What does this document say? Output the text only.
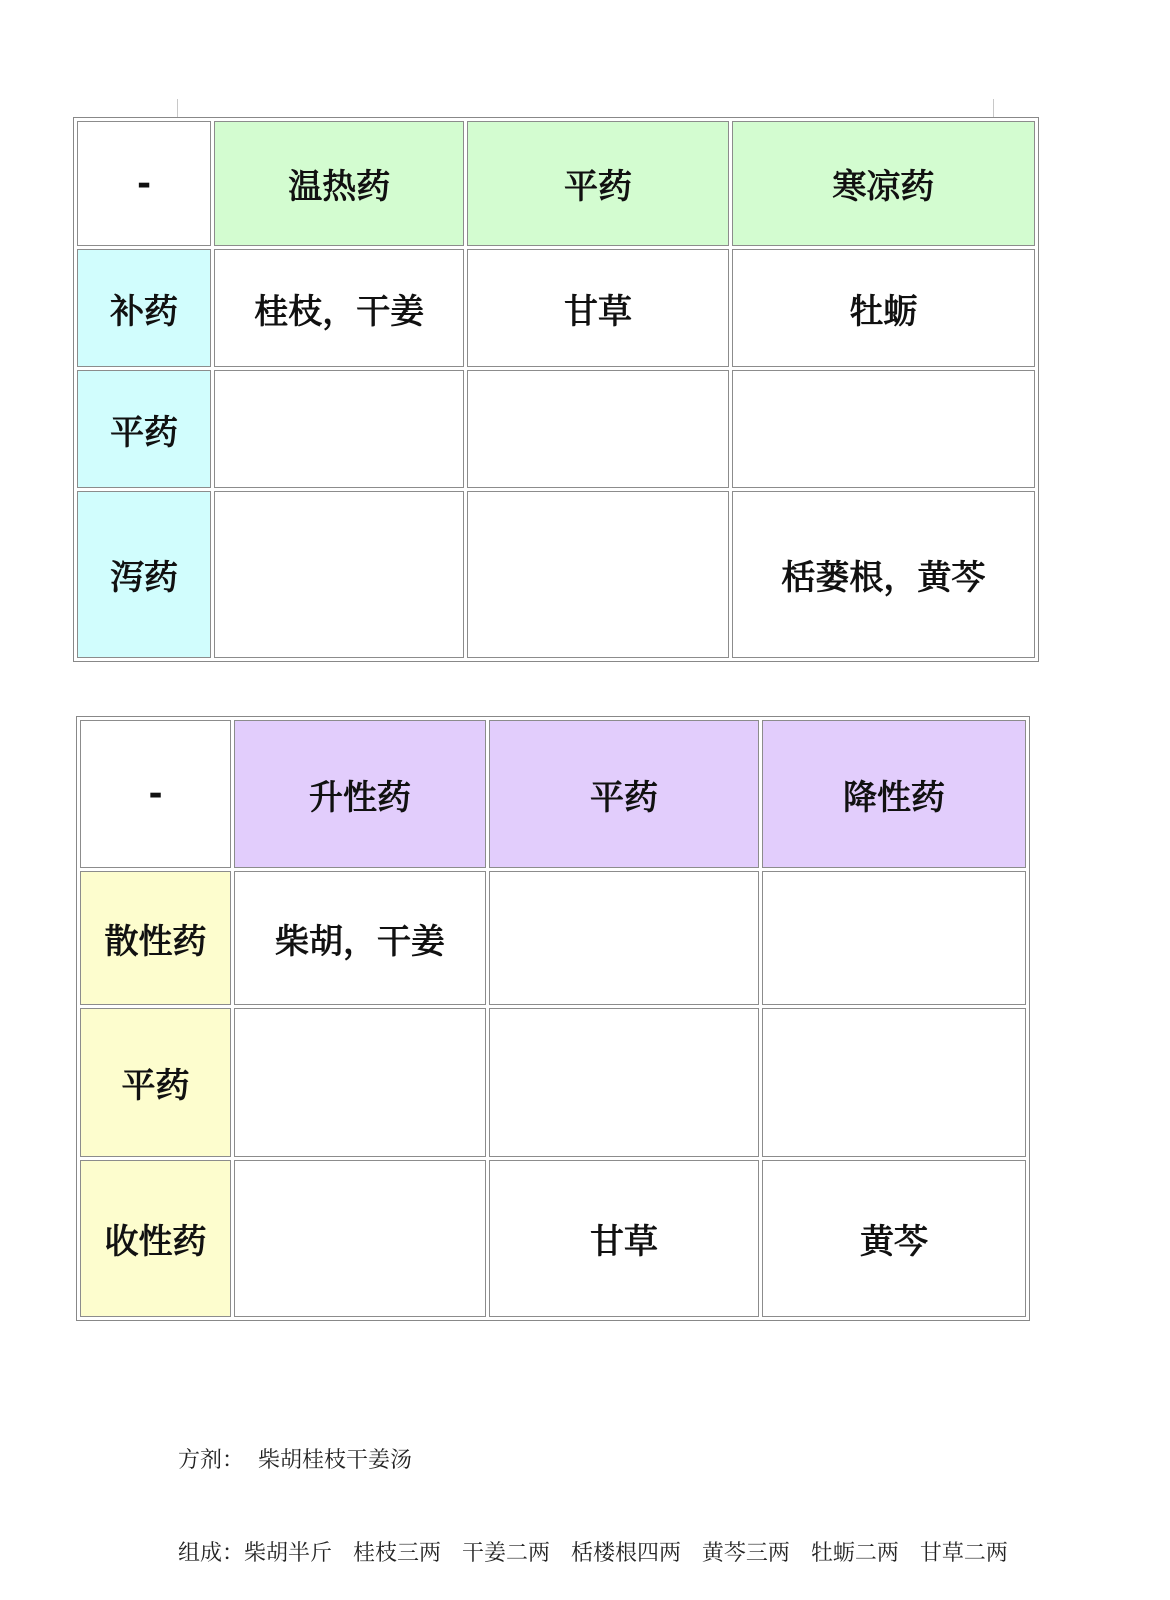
-	温热药	平药	寒凉药
补药	桂枝，干姜	甘草	牡蛎
平药			
泻药			栝蒌根，黄芩
-	升性药	平药	降性药
散性药	柴胡，干姜		
平药			
收性药		甘草	黄芩

方剂：  柴胡桂枝干姜汤

组成：柴胡半斤   桂枝三两   干姜二两   栝楼根四两   黄芩三两   牡蛎二两   甘草二两
